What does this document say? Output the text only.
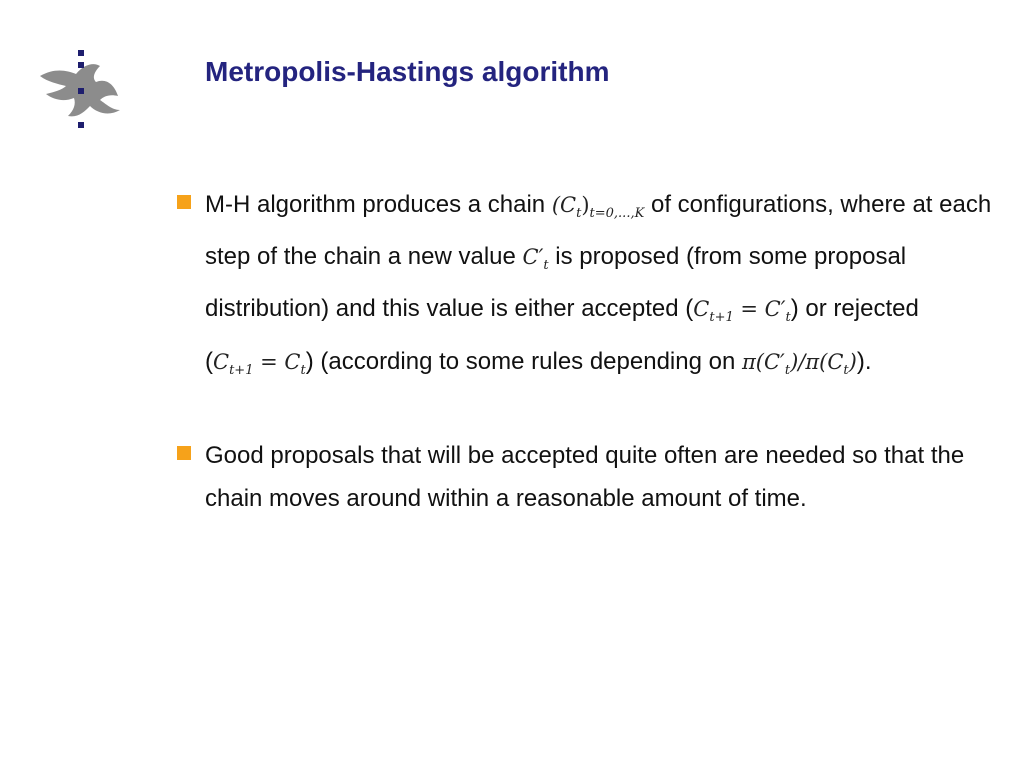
Metropolis-Hastings algorithm
M-H algorithm produces a chain $(C_t)_{t=0,...,K}$ of configurations, where at each step of the chain a new value $C'_t$ is proposed (from some proposal distribution) and this value is either accepted $(C_{t+1} = C'_t)$ or rejected $(C_{t+1} = C_t)$ (according to some rules depending on $\pi(C'_t)/\pi(C_t)$).
Good proposals that will be accepted quite often are needed so that the chain moves around within a reasonable amount of time.
